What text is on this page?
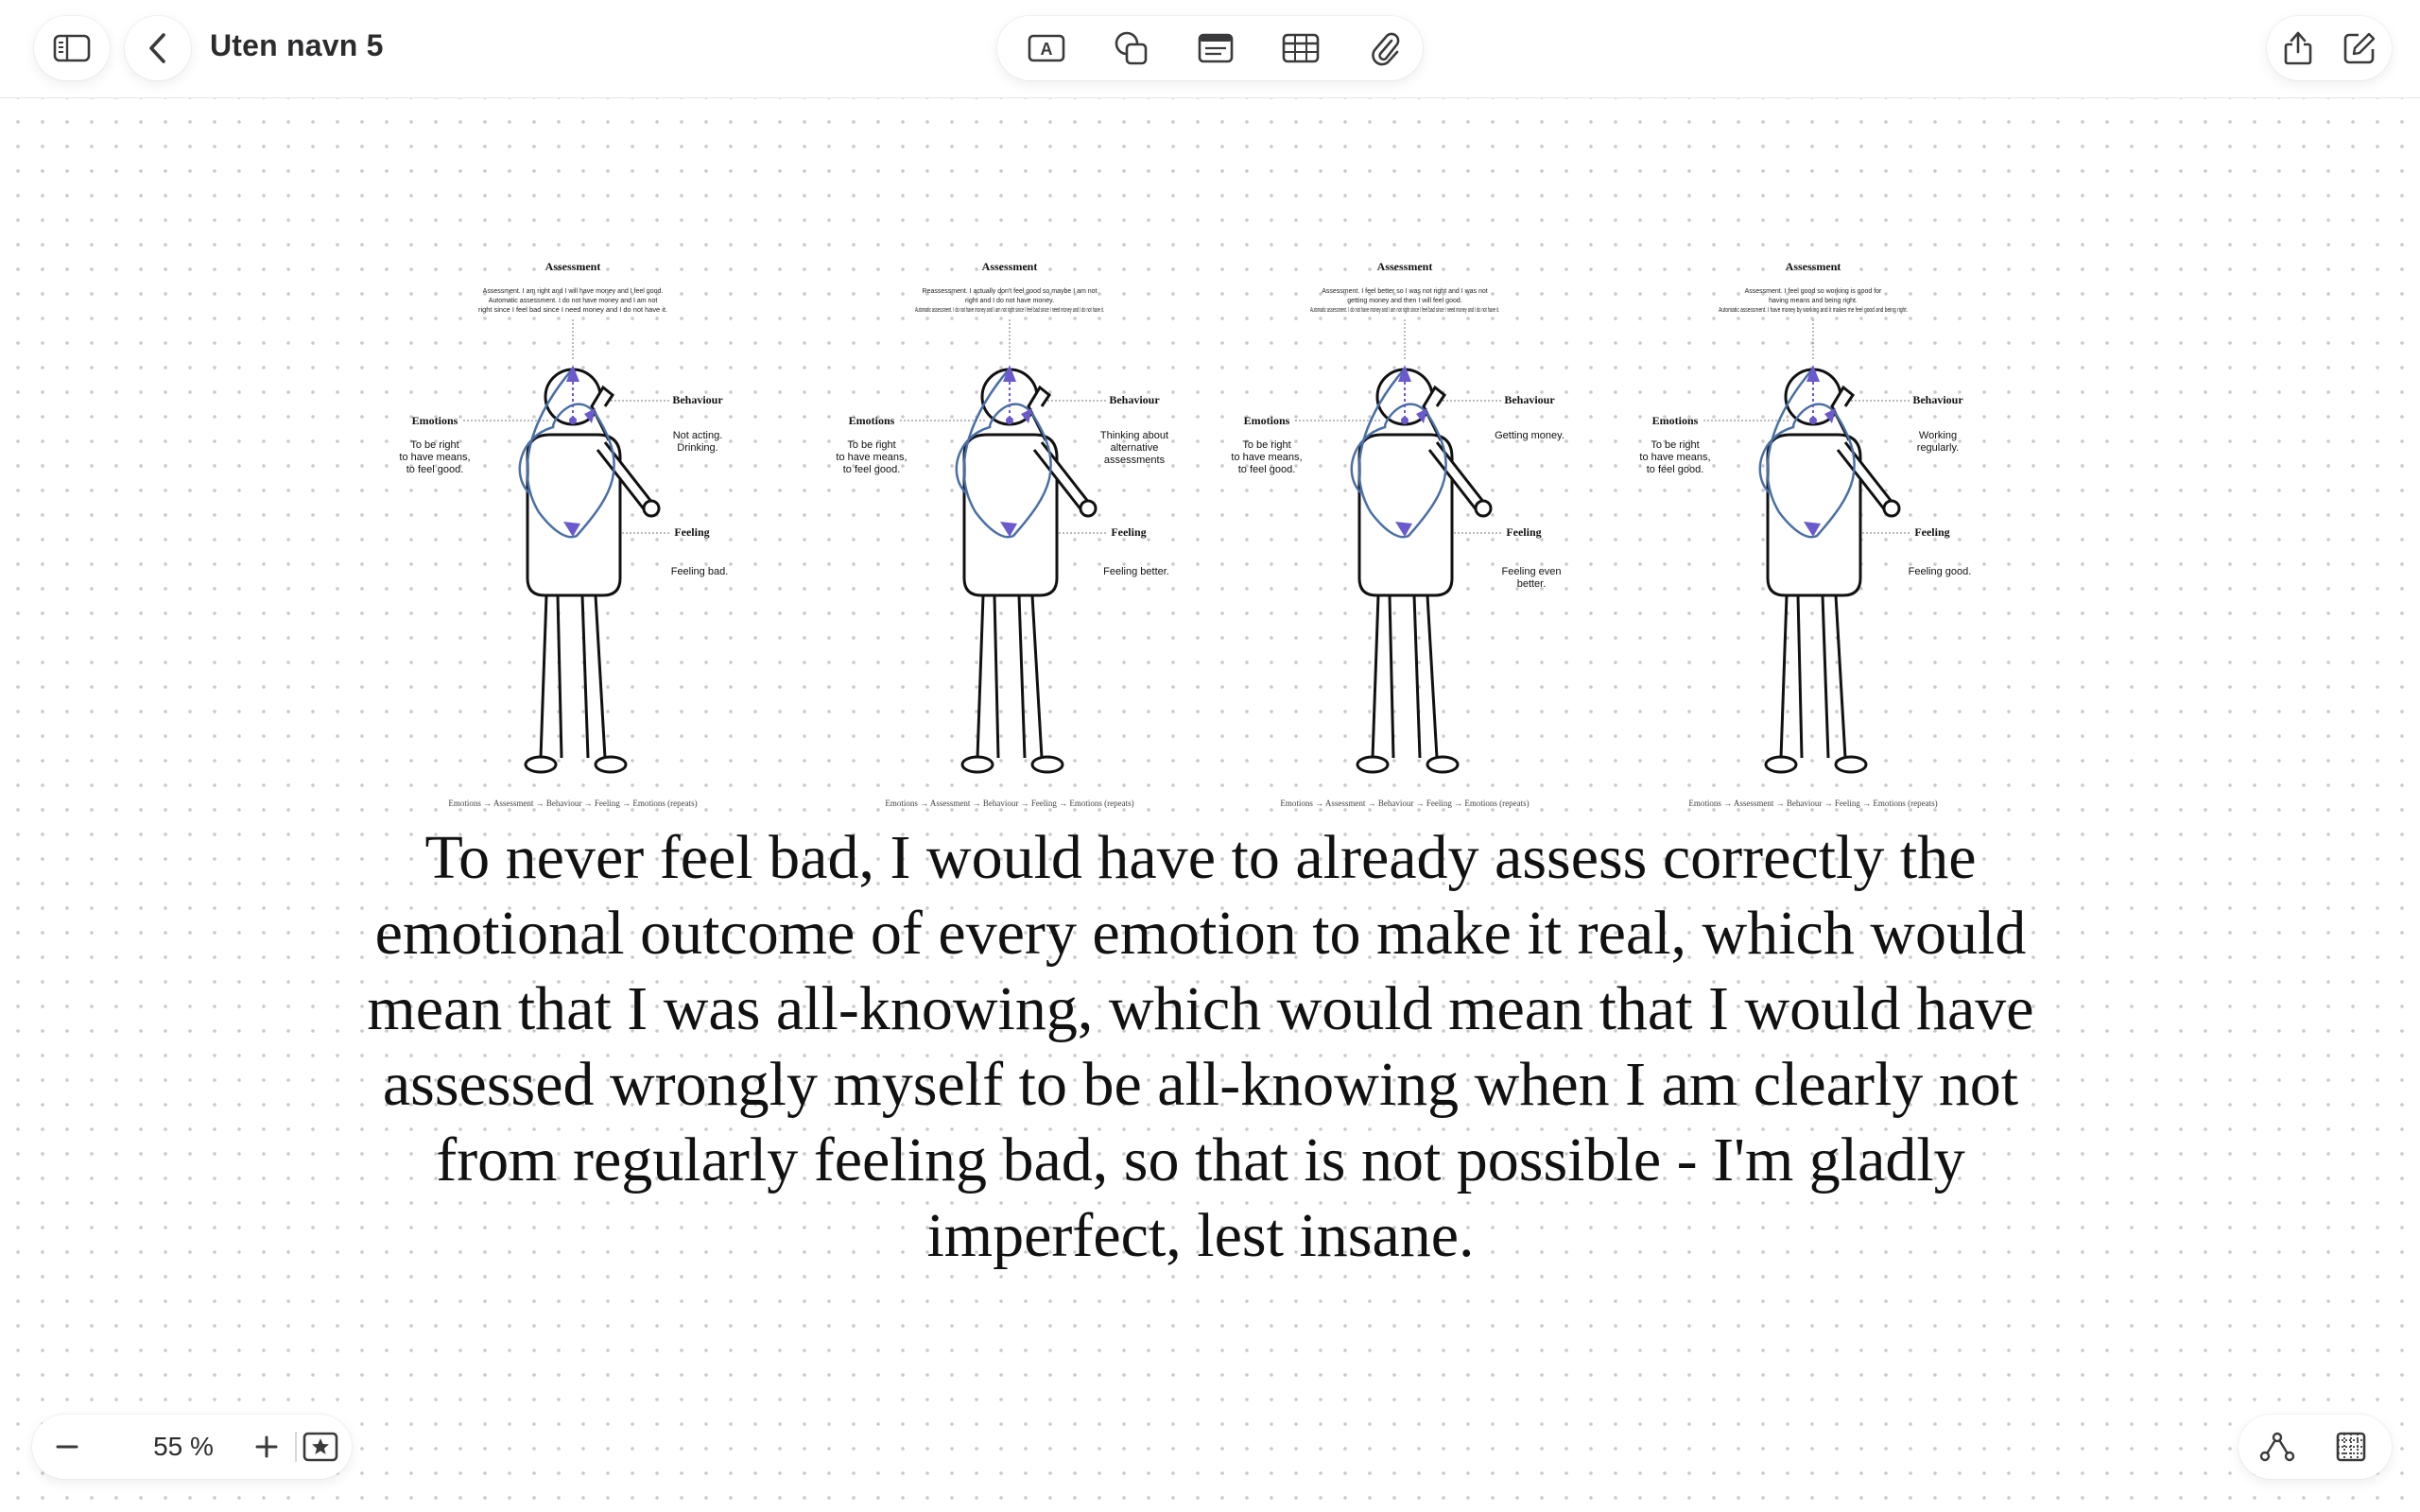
Uten navn 5	A
Assessment
Assessment. I am right and I will have money and I feel good.
Automatic assessment. I do not have money and I am not
right since I feel bad since I need money and I do not have it.
Emotions
To be right
to have means,
to feel good.
Behaviour
Not acting.
Drinking.
Feeling
Feeling bad.
Emotions → Assessment → Behaviour → Feeling → Emotions (repeats)
Assessment
Reassessment. I actually don't feel good so maybe I am not
right and I do not have money.
Automatic assessment. I do not have money and I am not right since I feel bad since I need money and I do not have it.
Emotions
To be right
to have means,
to feel good.
Behaviour
Thinking about
alternative
assessments
Feeling
Feeling better.
Emotions → Assessment → Behaviour → Feeling → Emotions (repeats)
Assessment
Assessment. I feel better so I was not right and I was not
getting money and then I will feel good.
Automatic assessment. I do not have money and I am not right since I feel bad since I need money and I do not have it.
Emotions
To be right
to have means,
to feel good.
Behaviour
Getting money.
Feeling
Feeling even
better.
Emotions → Assessment → Behaviour → Feeling → Emotions (repeats)
Assessment
Assessment. I feel good so working is good for
having means and being right.
Automatic assessment. I have money by working and it makes me feel good and being right.
Emotions
To be right
to have means,
to feel good.
Behaviour
Working
regularly.
Feeling
Feeling good.
Emotions → Assessment → Behaviour → Feeling → Emotions (repeats)
To never feel bad, I would have to already assess correctly the emotional outcome of every emotion to make it real, which would mean that I was all-knowing, which would mean that I would have assessed wrongly myself to be all-knowing when I am clearly not from regularly feeling bad, so that is not possible - I'm gladly imperfect, lest insane.
55 %
